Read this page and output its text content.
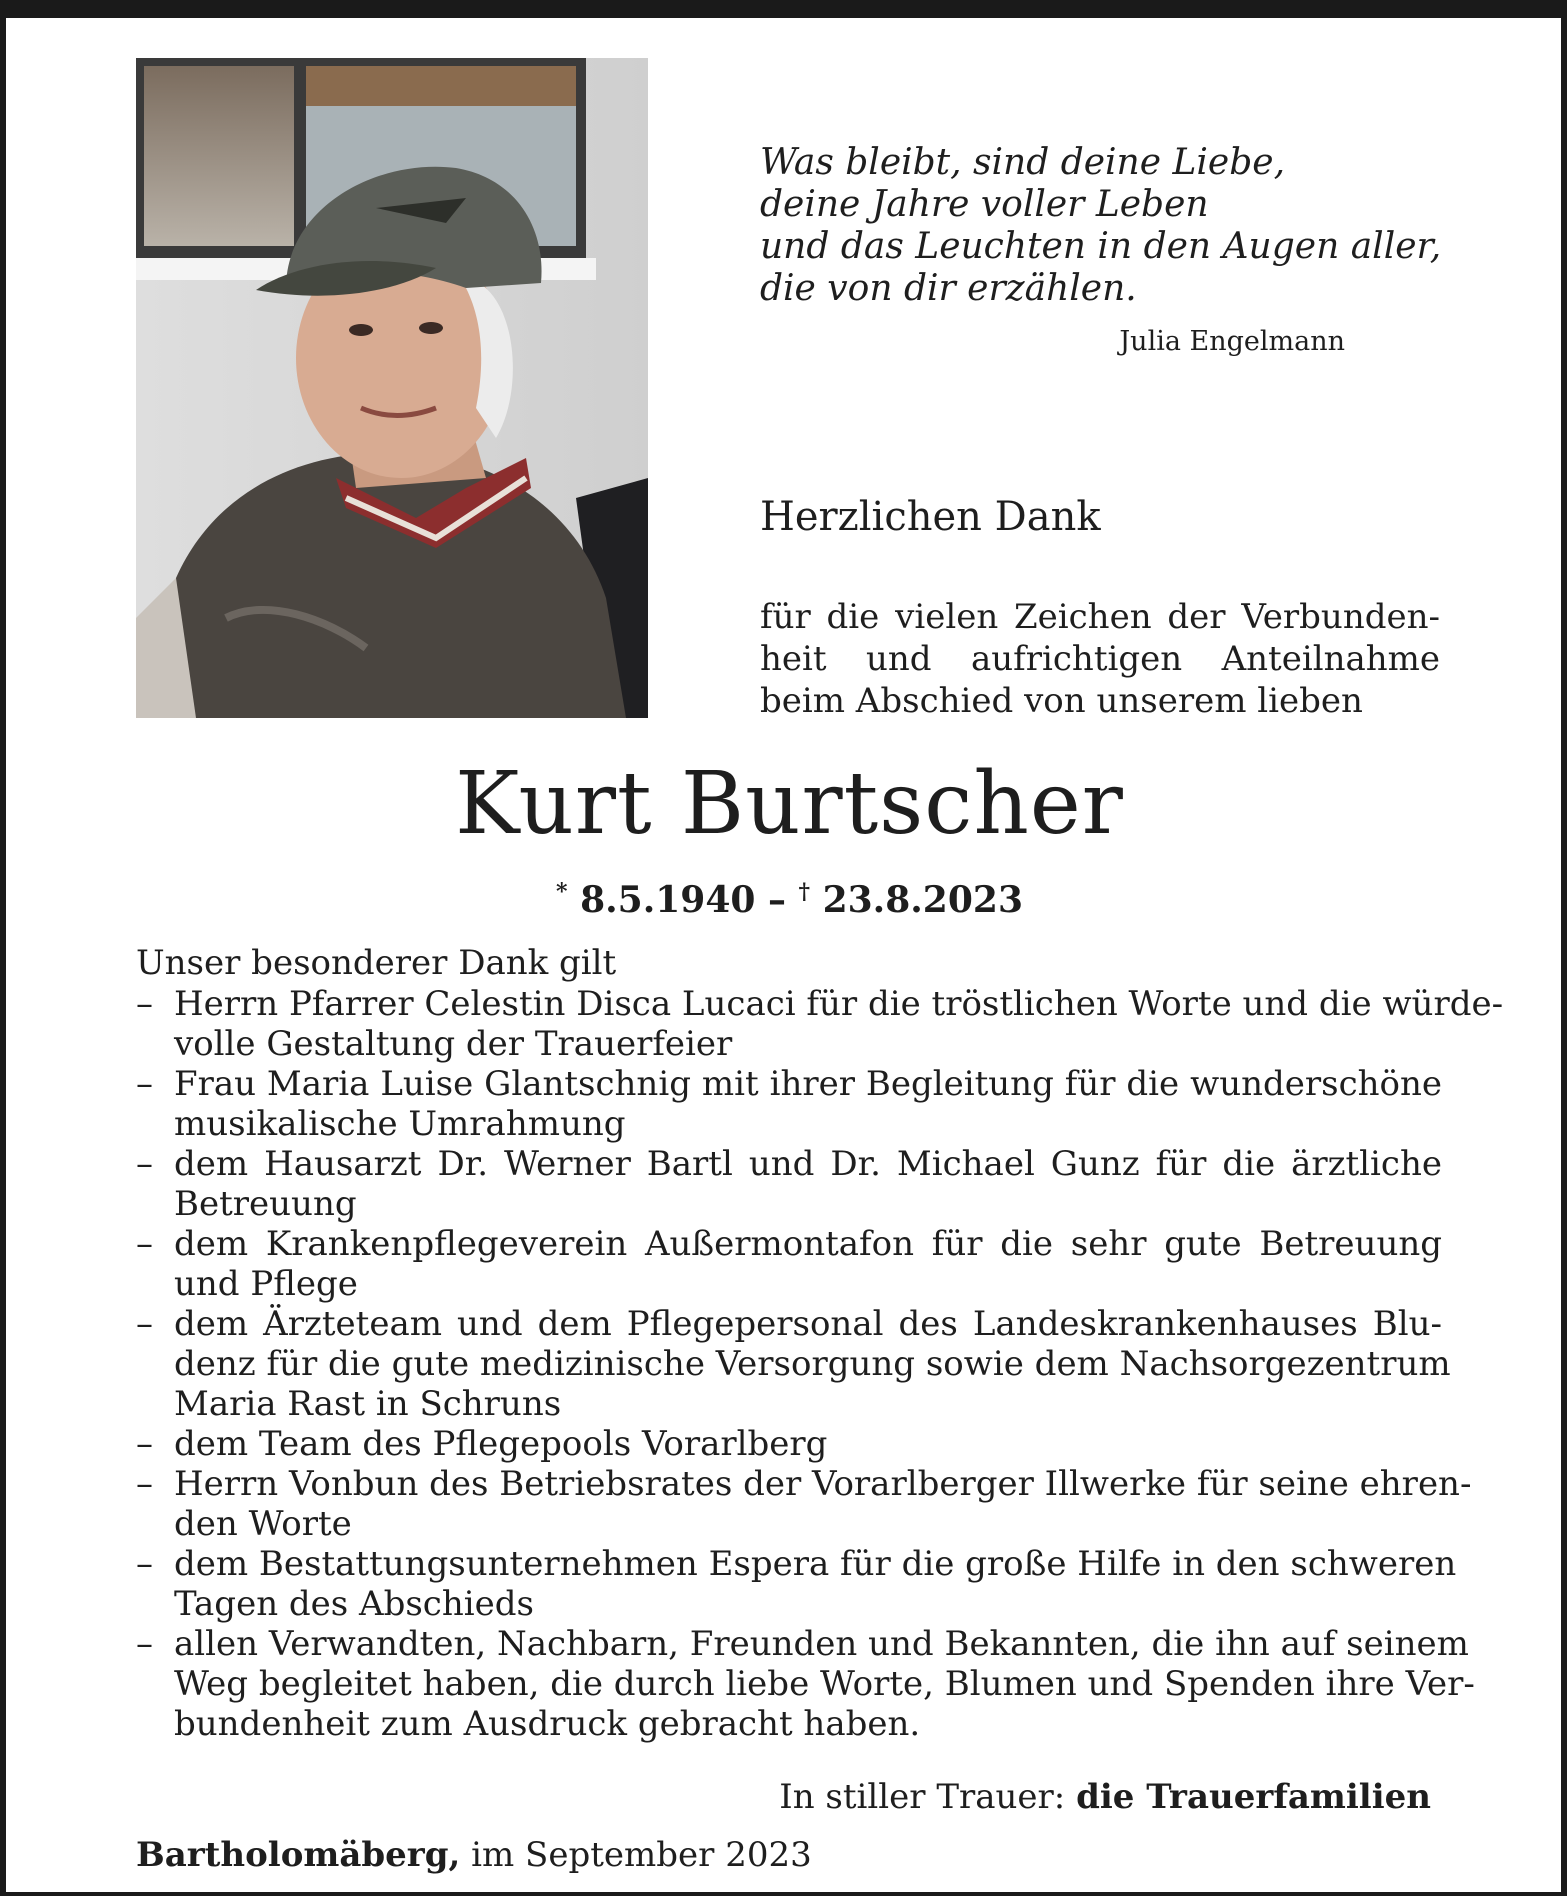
Was bleibt, sind deine Liebe,
deine Jahre voller Leben
und das Leuchten in den Augen aller,
die von dir erzählen.

Julia Engelmann

Herzlichen Dank

für die vielen Zeichen der Verbunden-
heit und aufrichtigen Anteilnahme
beim Abschied von unserem lieben

Kurt Burtscher

* 8.5.1940 – † 23.8.2023

Unser besonderer Dank gilt

– Herrn Pfarrer Celestin Disca Lucaci für die tröstlichen Worte und die würde-
volle Gestaltung der Trauerfeier
– Frau Maria Luise Glantschnig mit ihrer Begleitung für die wunderschöne
musikalische Umrahmung
– dem Hausarzt Dr. Werner Bartl und Dr. Michael Gunz für die ärztliche
Betreuung
– dem Krankenpflegeverein Außermontafon für die sehr gute Betreuung
und Pflege
– dem Ärzteteam und dem Pflegepersonal des Landeskrankenhauses Blu-
denz für die gute medizinische Versorgung sowie dem Nachsorgezentrum
Maria Rast in Schruns
– dem Team des Pflegepools Vorarlberg
– Herrn Vonbun des Betriebsrates der Vorarlberger Illwerke für seine ehren-
den Worte
– dem Bestattungsunternehmen Espera für die große Hilfe in den schweren
Tagen des Abschieds
– allen Verwandten, Nachbarn, Freunden und Bekannten, die ihn auf seinem
Weg begleitet haben, die durch liebe Worte, Blumen und Spenden ihre Ver-
bundenheit zum Ausdruck gebracht haben.

In stiller Trauer: die Trauerfamilien

Bartholomäberg, im September 2023
